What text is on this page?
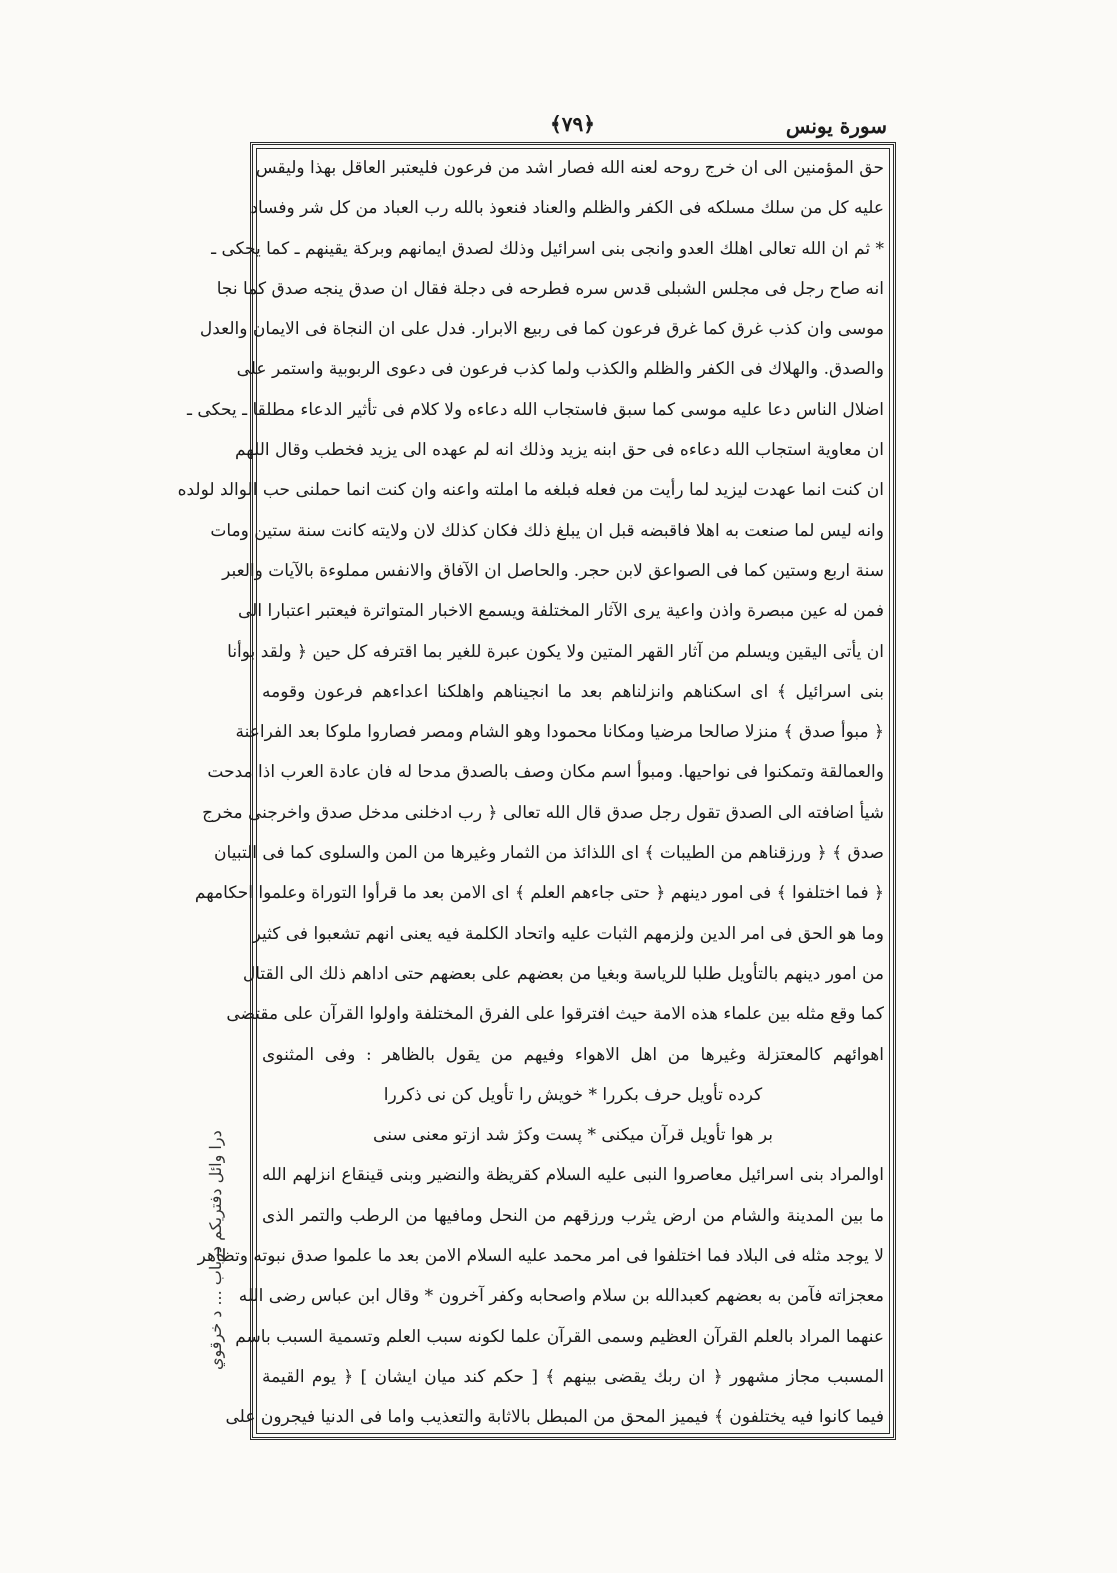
سورة يونس
﴿٧٩﴾
حق المؤمنين الى ان خرج روحه لعنه الله فصار اشد من فرعون فليعتبر العاقل بهذا وليقس
عليه كل من سلك مسلكه فى الكفر والظلم والعناد فنعوذ بالله رب العباد من كل شر وفساد
* ثم ان الله تعالى اهلك العدو وانجى بنى اسرائيل وذلك لصدق ايمانهم وبركة يقينهم ـ كما يحكى ـ
انه صاح رجل فى مجلس الشبلى قدس سره فطرحه فى دجلة فقال ان صدق ينجه صدق كما نجا
موسى وان كذب غرق كما غرق فرعون كما فى ربيع الابرار. فدل على ان النجاة فى الايمان والعدل
والصدق. والهلاك فى الكفر والظلم والكذب ولما كذب فرعون فى دعوى الربوبية واستمر على
اضلال الناس دعا عليه موسى كما سبق فاستجاب الله دعاءه ولا كلام فى تأثير الدعاء مطلقا ـ يحكى ـ
ان معاوية استجاب الله دعاءه فى حق ابنه يزيد وذلك انه لم عهده الى يزيد فخطب وقال اللهم
ان كنت انما عهدت ليزيد لما رأيت من فعله فبلغه ما املته واعنه وان كنت انما حملنى حب الوالد لولده
وانه ليس لما صنعت به اهلا فاقبضه قبل ان يبلغ ذلك فكان كذلك لان ولايته كانت سنة ستين ومات
سنة اربع وستين كما فى الصواعق لابن حجر. والحاصل ان الآفاق والانفس مملوءة بالآيات والعبر
فمن له عين مبصرة واذن واعية يرى الآثار المختلفة ويسمع الاخبار المتواترة فيعتبر اعتبارا الى
ان يأتى اليقين ويسلم من آثار القهر المتين ولا يكون عبرة للغير بما اقترفه كل حين ﴿ ولقد بوأنا
بنى اسرائيل ﴾ اى اسكناهم وانزلناهم بعد ما انجيناهم واهلكنا اعداءهم فرعون وقومه
﴿ مبوأ صدق ﴾ منزلا صالحا مرضيا ومكانا محمودا وهو الشام ومصر فصاروا ملوكا بعد الفراعنة
والعمالقة وتمكنوا فى نواحيها. ومبوأ اسم مكان وصف بالصدق مدحا له فان عادة العرب اذا مدحت
شيأ اضافته الى الصدق تقول رجل صدق قال الله تعالى ﴿ رب ادخلنى مدخل صدق واخرجنى مخرج
صدق ﴾ ﴿ ورزقناهم من الطيبات ﴾ اى اللذائذ من الثمار وغيرها من المن والسلوى كما فى التبيان
﴿ فما اختلفوا ﴾ فى امور دينهم ﴿ حتى جاءهم العلم ﴾ اى الامن بعد ما قرأوا التوراة وعلموا احكامهم
وما هو الحق فى امر الدين ولزمهم الثبات عليه واتحاد الكلمة فيه يعنى انهم تشعبوا فى كثير
من امور دينهم بالتأويل طلبا للرياسة وبغيا من بعضهم على بعضهم حتى اداهم ذلك الى القتال
كما وقع مثله بين علماء هذه الامة حيث افترقوا على الفرق المختلفة واولوا القرآن على مقتضى
اهوائهم كالمعتزلة وغيرها من اهل الاهواء وفيهم من يقول بالظاهر : وفى المثنوى
كرده تأويل حرف بكررا * خويش را تأويل كن نى ذكررا
بر هوا تأويل قرآن ميكنى * پست وكژ شد ازتو معنى سنى
اوالمراد بنى اسرائيل معاصروا النبى عليه السلام كقريظة والنضير وبنى قينقاع انزلهم الله
ما بين المدينة والشام من ارض يثرب ورزقهم من النحل ومافيها من الرطب والتمر الذى
لا يوجد مثله فى البلاد فما اختلفوا فى امر محمد عليه السلام الامن بعد ما علموا صدق نبوته وتظاهر
معجزاته فآمن به بعضهم كعبدالله بن سلام واصحابه وكفر آخرون * وقال ابن عباس رضى الله
عنهما المراد بالعلم القرآن العظيم وسمى القرآن علما لكونه سبب العلم وتسمية السبب باسم
المسبب مجاز مشهور ﴿ ان ربك يقضى بينهم ﴾ [ حكم كند ميان ايشان ] ﴿ يوم القيمة
فيما كانوا فيه يختلفون ﴾ فيميز المحق من المبطل بالاثابة والتعذيب واما فى الدنيا فيجرون على
درا وائل دفتريكم درباب ... د خرقوي
